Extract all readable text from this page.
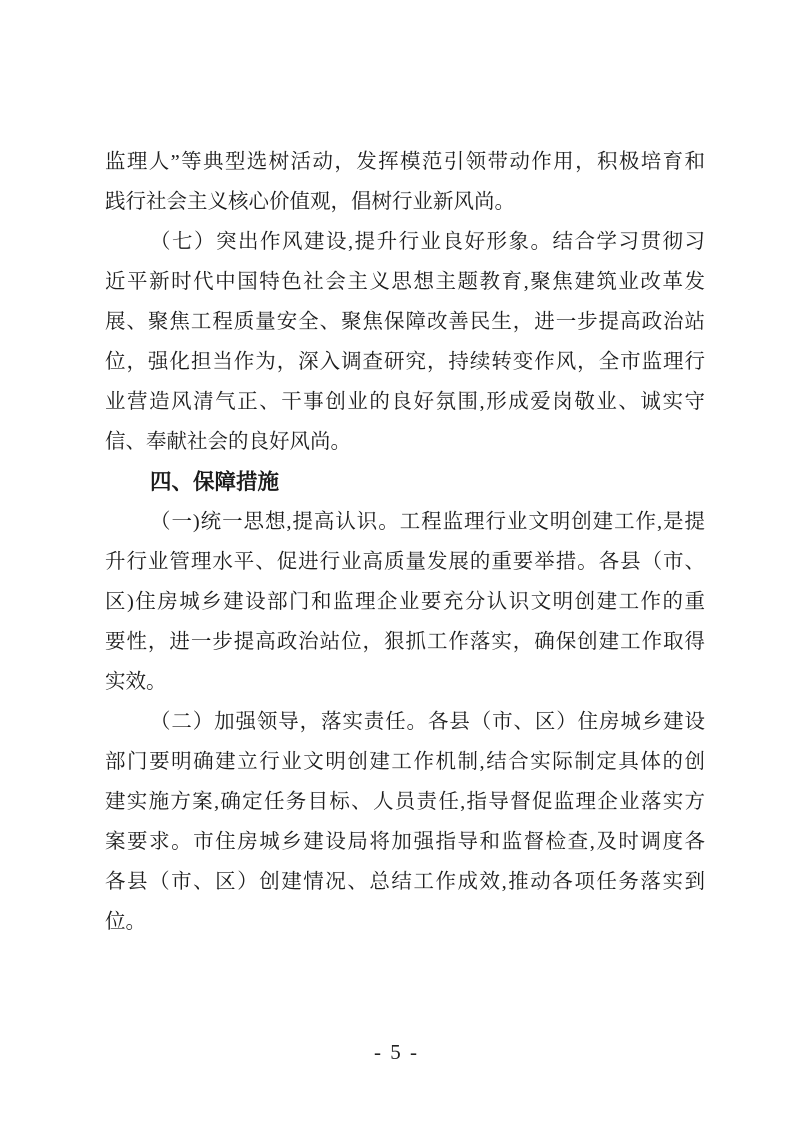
监理人”等典型选树活动，发挥模范引领带动作用，积极培育和
践行社会主义核心价值观，倡树行业新风尚。
（七）突出作风建设,提升行业良好形象。结合学习贯彻习
近平新时代中国特色社会主义思想主题教育,聚焦建筑业改革发
展、聚焦工程质量安全、聚焦保障改善民生，进一步提高政治站
位，强化担当作为，深入调查研究，持续转变作风，全市监理行
业营造风清气正、干事创业的良好氛围,形成爱岗敬业、诚实守
信、奉献社会的良好风尚。
四、保障措施
（一)统一思想,提高认识。工程监理行业文明创建工作,是提
升行业管理水平、促进行业高质量发展的重要举措。各县（市、
区)住房城乡建设部门和监理企业要充分认识文明创建工作的重
要性，进一步提高政治站位，狠抓工作落实，确保创建工作取得
实效。
（二）加强领导，落实责任。各县（市、区）住房城乡建设
部门要明确建立行业文明创建工作机制,结合实际制定具体的创
建实施方案,确定任务目标、人员责任,指导督促监理企业落实方
案要求。市住房城乡建设局将加强指导和监督检查,及时调度各
各县（市、区）创建情况、总结工作成效,推动各项任务落实到
位。
- 5 -
